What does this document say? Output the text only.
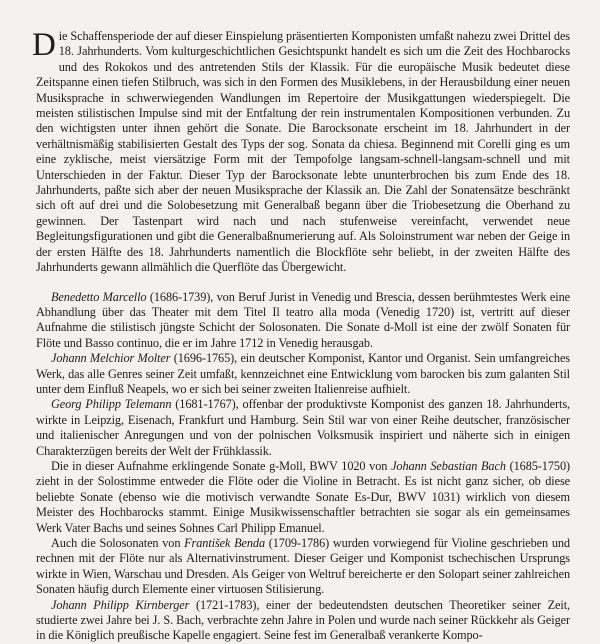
Die Schaffensperiode der auf dieser Einspielung präsentierten Komponisten umfaßt nahezu zwei Drittel des 18. Jahrhunderts. Vom kulturgeschichtlichen Gesichtspunkt handelt es sich um die Zeit des Hochbarocks und des Rokokos und des antretenden Stils der Klassik. Für die europäische Musik bedeutet diese Zeitspanne einen tiefen Stilbruch, was sich in den Formen des Musiklebens, in der Herausbildung einer neuen Musiksprache in schwerwiegenden Wandlungen im Repertoire der Musikgattungen wiederspiegelt. Die meisten stilistischen Impulse sind mit der Entfaltung der rein instrumentalen Kompositionen verbunden. Zu den wichtigsten unter ihnen gehört die Sonate. Die Barocksonate erscheint im 18. Jahrhundert in der verhältnismäßig stabilisierten Gestalt des Typs der sog. Sonata da chiesa. Beginnend mit Corelli ging es um eine zyklische, meist viersätzige Form mit der Tempofolge langsam-schnell-langsam-schnell und mit Unterschieden in der Faktur. Dieser Typ der Barocksonate lebte ununterbrochen bis zum Ende des 18. Jahrhunderts, paßte sich aber der neuen Musiksprache der Klassik an. Die Zahl der Sonatensätze beschränkt sich oft auf drei und die Solobesetzung mit Generalbaß begann über die Triobesetzung die Oberhand zu gewinnen. Der Tastenpart wird nach und nach stufenweise vereinfacht, verwendet neue Begleitungsfigurationen und gibt die Generalbaßnumerierung auf. Als Soloinstrument war neben der Geige in der ersten Hälfte des 18. Jahrhunderts namentlich die Blockflöte sehr beliebt, in der zweiten Hälfte des Jahrhunderts gewann allmählich die Querflöte das Übergewicht.

Benedetto Marcello (1686-1739), von Beruf Jurist in Venedig und Brescia, dessen berühmtestes Werk eine Abhandlung über das Theater mit dem Titel Il teatro alla moda (Venedig 1720) ist, vertritt auf dieser Aufnahme die stilistisch jüngste Schicht der Solosonaten. Die Sonate d-Moll ist eine der zwölf Sonaten für Flöte und Basso continuo, die er im Jahre 1712 in Venedig herausgab.

Johann Melchior Molter (1696-1765), ein deutscher Komponist, Kantor und Organist. Sein umfangreiches Werk, das alle Genres seiner Zeit umfaßt, kennzeichnet eine Entwicklung vom barocken bis zum galanten Stil unter dem Einfluß Neapels, wo er sich bei seiner zweiten Italienreise aufhielt.

Georg Philipp Telemann (1681-1767), offenbar der produktivste Komponist des ganzen 18. Jahrhunderts, wirkte in Leipzig, Eisenach, Frankfurt und Hamburg. Sein Stil war von einer Reihe deutscher, französischer und italienischer Anregungen und von der polnischen Volksmusik inspiriert und näherte sich in einigen Charakterzügen bereits der Welt der Frühklassik.

Die in dieser Aufnahme erklingende Sonate g-Moll, BWV 1020 von Johann Sebastian Bach (1685-1750) zieht in der Solostimme entweder die Flöte oder die Violine in Betracht. Es ist nicht ganz sicher, ob diese beliebte Sonate (ebenso wie die motivisch verwandte Sonate Es-Dur, BWV 1031) wirklich von diesem Meister des Hochbarocks stammt. Einige Musikwissenschaftler betrachten sie sogar als ein gemeinsames Werk Vater Bachs und seines Sohnes Carl Philipp Emanuel.

Auch die Solosonaten von František Benda (1709-1786) wurden vorwiegend für Violine geschrieben und rechnen mit der Flöte nur als Alternativinstrument. Dieser Geiger und Komponist tschechischen Ursprungs wirkte in Wien, Warschau und Dresden. Als Geiger von Weltruf bereicherte er den Solopart seiner zahlreichen Sonaten häufig durch Elemente einer virtuosen Stilisierung.

Johann Philipp Kirnberger (1721-1783), einer der bedeutendsten deutschen Theoretiker seiner Zeit, studierte zwei Jahre bei J. S. Bach, verbrachte zehn Jahre in Polen und wurde nach seiner Rückkehr als Geiger in die Königlich preußische Kapelle engagiert. Seine fest im Generalbaß verankerte Kompo-
